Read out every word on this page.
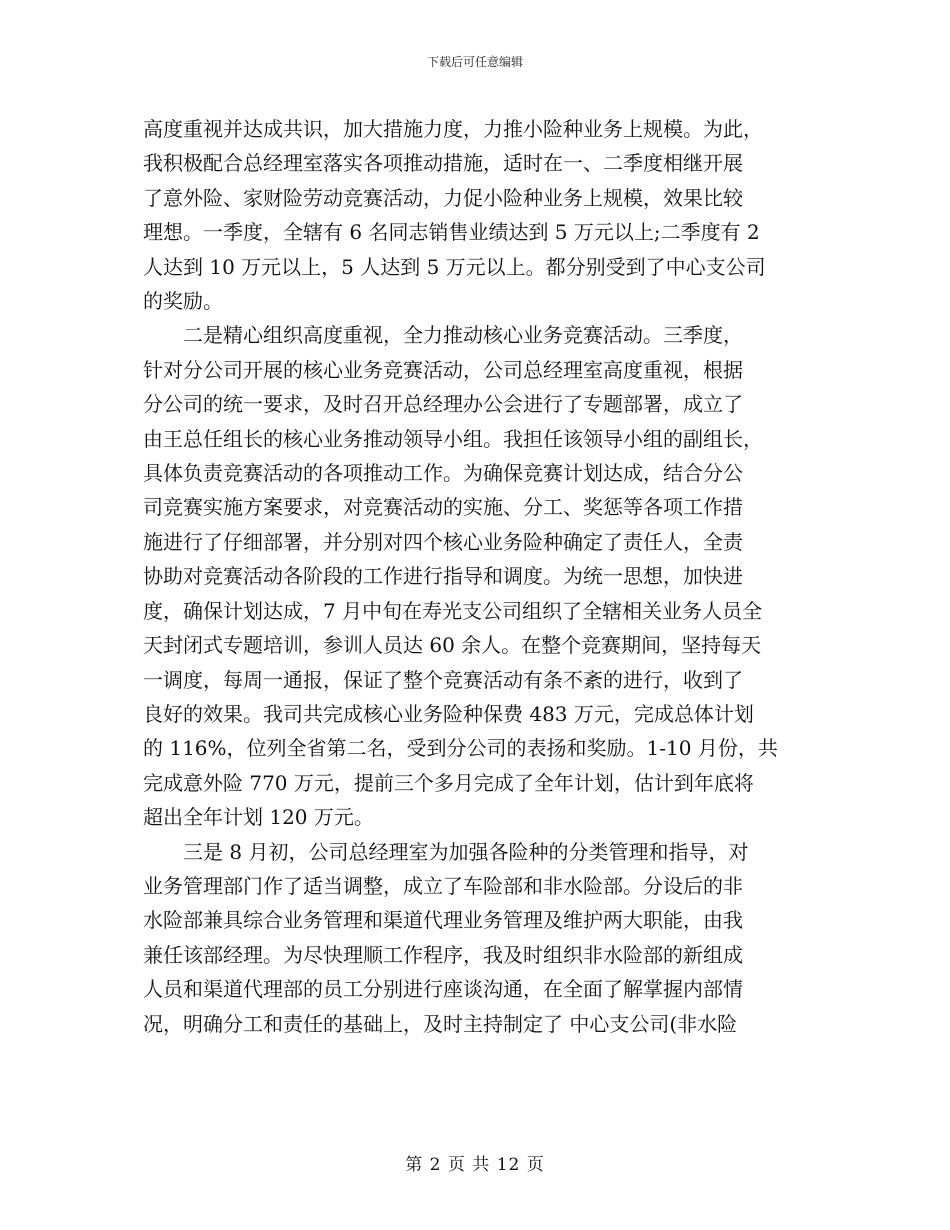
下载后可任意编辑
高度重视并达成共识，加大措施力度，力推小险种业务上规模。为此，
我积极配合总经理室落实各项推动措施，适时在一、二季度相继开展
了意外险、家财险劳动竞赛活动，力促小险种业务上规模，效果比较
理想。一季度，全辖有 6 名同志销售业绩达到 5 万元以上;二季度有 2
人达到 10 万元以上，5 人达到 5 万元以上。都分别受到了中心支公司
的奖励。
二是精心组织高度重视，全力推动核心业务竞赛活动。三季度，
针对分公司开展的核心业务竞赛活动，公司总经理室高度重视，根据
分公司的统一要求，及时召开总经理办公会进行了专题部署，成立了
由王总任组长的核心业务推动领导小组。我担任该领导小组的副组长，
具体负责竞赛活动的各项推动工作。为确保竞赛计划达成，结合分公
司竞赛实施方案要求，对竞赛活动的实施、分工、奖惩等各项工作措
施进行了仔细部署，并分别对四个核心业务险种确定了责任人，全责
协助对竞赛活动各阶段的工作进行指导和调度。为统一思想，加快进
度，确保计划达成，7 月中旬在寿光支公司组织了全辖相关业务人员全
天封闭式专题培训，参训人员达 60 余人。在整个竞赛期间，坚持每天
一调度，每周一通报，保证了整个竞赛活动有条不紊的进行，收到了
良好的效果。我司共完成核心业务险种保费 483 万元，完成总体计划
的 116%，位列全省第二名，受到分公司的表扬和奖励。1-10 月份，共
完成意外险 770 万元，提前三个多月完成了全年计划，估计到年底将
超出全年计划 120 万元。
三是 8 月初，公司总经理室为加强各险种的分类管理和指导，对
业务管理部门作了适当调整，成立了车险部和非水险部。分设后的非
水险部兼具综合业务管理和渠道代理业务管理及维护两大职能，由我
兼任该部经理。为尽快理顺工作程序，我及时组织非水险部的新组成
人员和渠道代理部的员工分别进行座谈沟通，在全面了解掌握内部情
况，明确分工和责任的基础上，及时主持制定了 中心支公司(非水险
第 2 页 共 12 页
